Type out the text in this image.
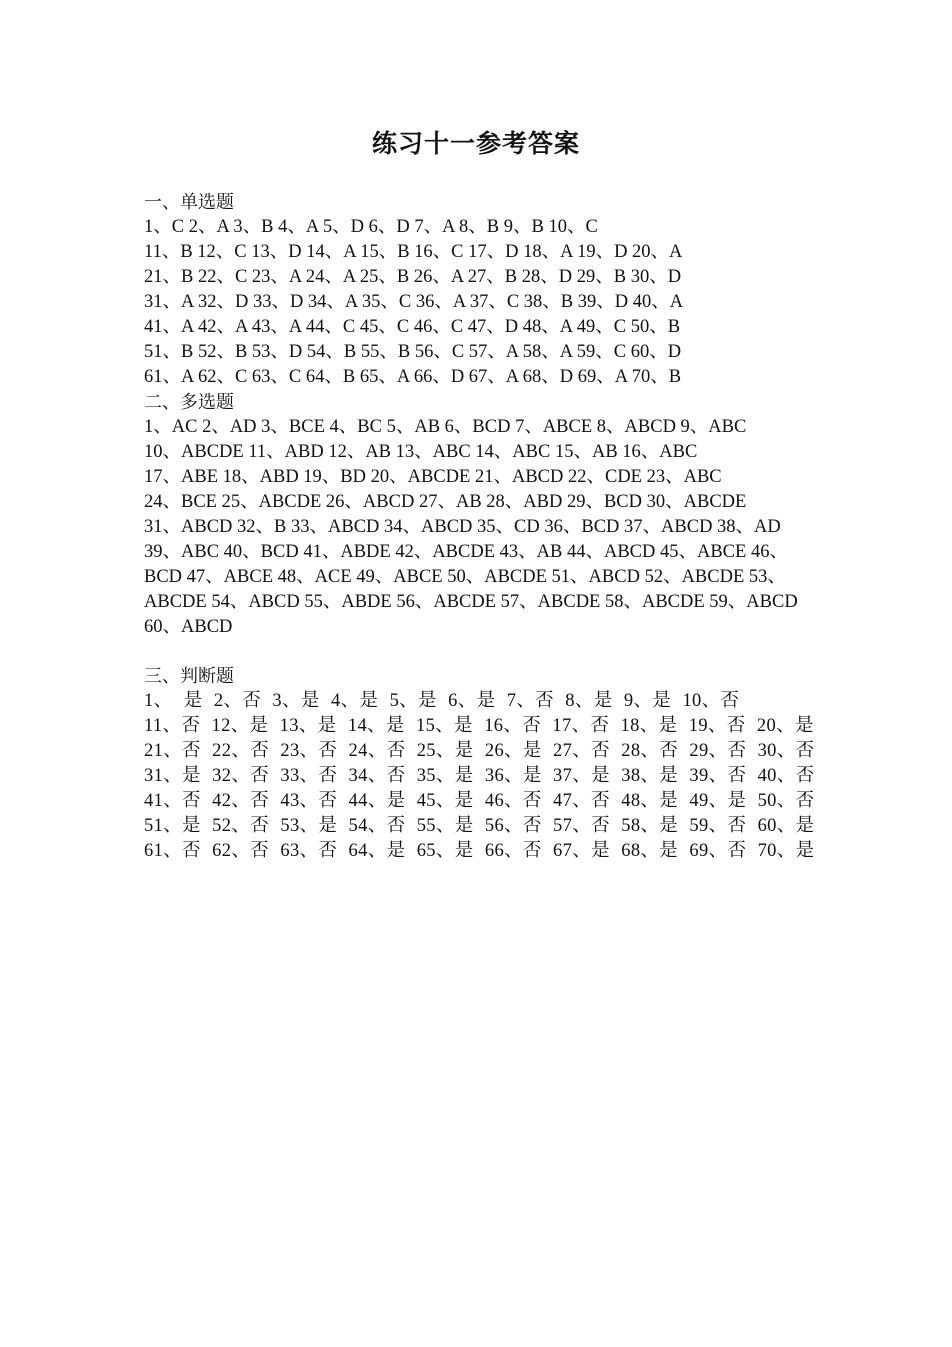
练习十一参考答案
一、单选题
1、C 2、A 3、B 4、A 5、D 6、D 7、A 8、B 9、B 10、C
11、B 12、C 13、D 14、A 15、B 16、C 17、D 18、A 19、D 20、A
21、B 22、C 23、A 24、A 25、B 26、A 27、B 28、D 29、B 30、D
31、A 32、D 33、D 34、A 35、C 36、A 37、C 38、B 39、D 40、A
41、A 42、A 43、A 44、C 45、C 46、C 47、D 48、A 49、C 50、B
51、B 52、B 53、D 54、B 55、B 56、C 57、A 58、A 59、C 60、D
61、A 62、C 63、C 64、B 65、A 66、D 67、A 68、D 69、A 70、B
二、多选题
1、AC 2、AD 3、BCE 4、BC 5、AB 6、BCD 7、ABCE 8、ABCD 9、ABC
10、ABCDE 11、ABD 12、AB 13、ABC 14、ABC 15、AB 16、ABC
17、ABE 18、ABD 19、BD 20、ABCDE 21、ABCD 22、CDE 23、ABC
24、BCE 25、ABCDE 26、ABCD 27、AB 28、ABD 29、BCD 30、ABCDE
31、ABCD 32、B 33、ABCD 34、ABCD 35、CD 36、BCD 37、ABCD 38、AD
39、ABC 40、BCD 41、ABDE 42、ABCDE 43、AB 44、ABCD 45、ABCE 46、
BCD 47、ABCE 48、ACE 49、ABCE 50、ABCDE 51、ABCD 52、ABCDE 53、
ABCDE 54、ABCD 55、ABDE 56、ABCDE 57、ABCDE 58、ABCDE 59、ABCD
60、ABCD
三、判断题
1、 是 2、否 3、是 4、是 5、是 6、是 7、否 8、是 9、是 10、否
11、否 12、是 13、是 14、是 15、是 16、否 17、否 18、是 19、否 20、是
21、否 22、否 23、否 24、否 25、是 26、是 27、否 28、否 29、否 30、否
31、是 32、否 33、否 34、否 35、是 36、是 37、是 38、是 39、否 40、否
41、否 42、否 43、否 44、是 45、是 46、否 47、否 48、是 49、是 50、否
51、是 52、否 53、是 54、否 55、是 56、否 57、否 58、是 59、否 60、是
61、否 62、否 63、否 64、是 65、是 66、否 67、是 68、是 69、否 70、是
